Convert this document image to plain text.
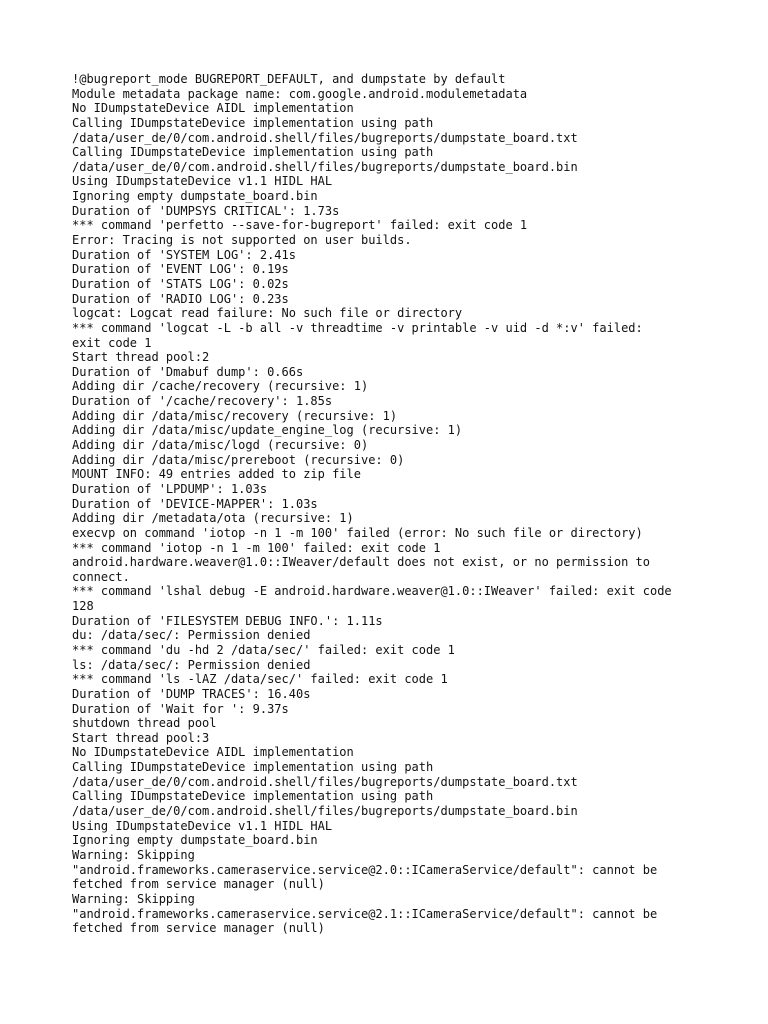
!@bugreport_mode BUGREPORT_DEFAULT, and dumpstate by default
Module metadata package name: com.google.android.modulemetadata
No IDumpstateDevice AIDL implementation
Calling IDumpstateDevice implementation using path
/data/user_de/0/com.android.shell/files/bugreports/dumpstate_board.txt
Calling IDumpstateDevice implementation using path
/data/user_de/0/com.android.shell/files/bugreports/dumpstate_board.bin
Using IDumpstateDevice v1.1 HIDL HAL
Ignoring empty dumpstate_board.bin
Duration of 'DUMPSYS CRITICAL': 1.73s
*** command 'perfetto --save-for-bugreport' failed: exit code 1
Error: Tracing is not supported on user builds.
Duration of 'SYSTEM LOG': 2.41s
Duration of 'EVENT LOG': 0.19s
Duration of 'STATS LOG': 0.02s
Duration of 'RADIO LOG': 0.23s
logcat: Logcat read failure: No such file or directory
*** command 'logcat -L -b all -v threadtime -v printable -v uid -d *:v' failed:
exit code 1
Start thread pool:2
Duration of 'Dmabuf dump': 0.66s
Adding dir /cache/recovery (recursive: 1)
Duration of '/cache/recovery': 1.85s
Adding dir /data/misc/recovery (recursive: 1)
Adding dir /data/misc/update_engine_log (recursive: 1)
Adding dir /data/misc/logd (recursive: 0)
Adding dir /data/misc/prereboot (recursive: 0)
MOUNT INFO: 49 entries added to zip file
Duration of 'LPDUMP': 1.03s
Duration of 'DEVICE-MAPPER': 1.03s
Adding dir /metadata/ota (recursive: 1)
execvp on command 'iotop -n 1 -m 100' failed (error: No such file or directory)
*** command 'iotop -n 1 -m 100' failed: exit code 1
android.hardware.weaver@1.0::IWeaver/default does not exist, or no permission to
connect.
*** command 'lshal debug -E android.hardware.weaver@1.0::IWeaver' failed: exit code
128
Duration of 'FILESYSTEM DEBUG INFO.': 1.11s
du: /data/sec/: Permission denied
*** command 'du -hd 2 /data/sec/' failed: exit code 1
ls: /data/sec/: Permission denied
*** command 'ls -lAZ /data/sec/' failed: exit code 1
Duration of 'DUMP TRACES': 16.40s
Duration of 'Wait for ': 9.37s
shutdown thread pool
Start thread pool:3
No IDumpstateDevice AIDL implementation
Calling IDumpstateDevice implementation using path
/data/user_de/0/com.android.shell/files/bugreports/dumpstate_board.txt
Calling IDumpstateDevice implementation using path
/data/user_de/0/com.android.shell/files/bugreports/dumpstate_board.bin
Using IDumpstateDevice v1.1 HIDL HAL
Ignoring empty dumpstate_board.bin
Warning: Skipping
"android.frameworks.cameraservice.service@2.0::ICameraService/default": cannot be
fetched from service manager (null)
Warning: Skipping
"android.frameworks.cameraservice.service@2.1::ICameraService/default": cannot be
fetched from service manager (null)
